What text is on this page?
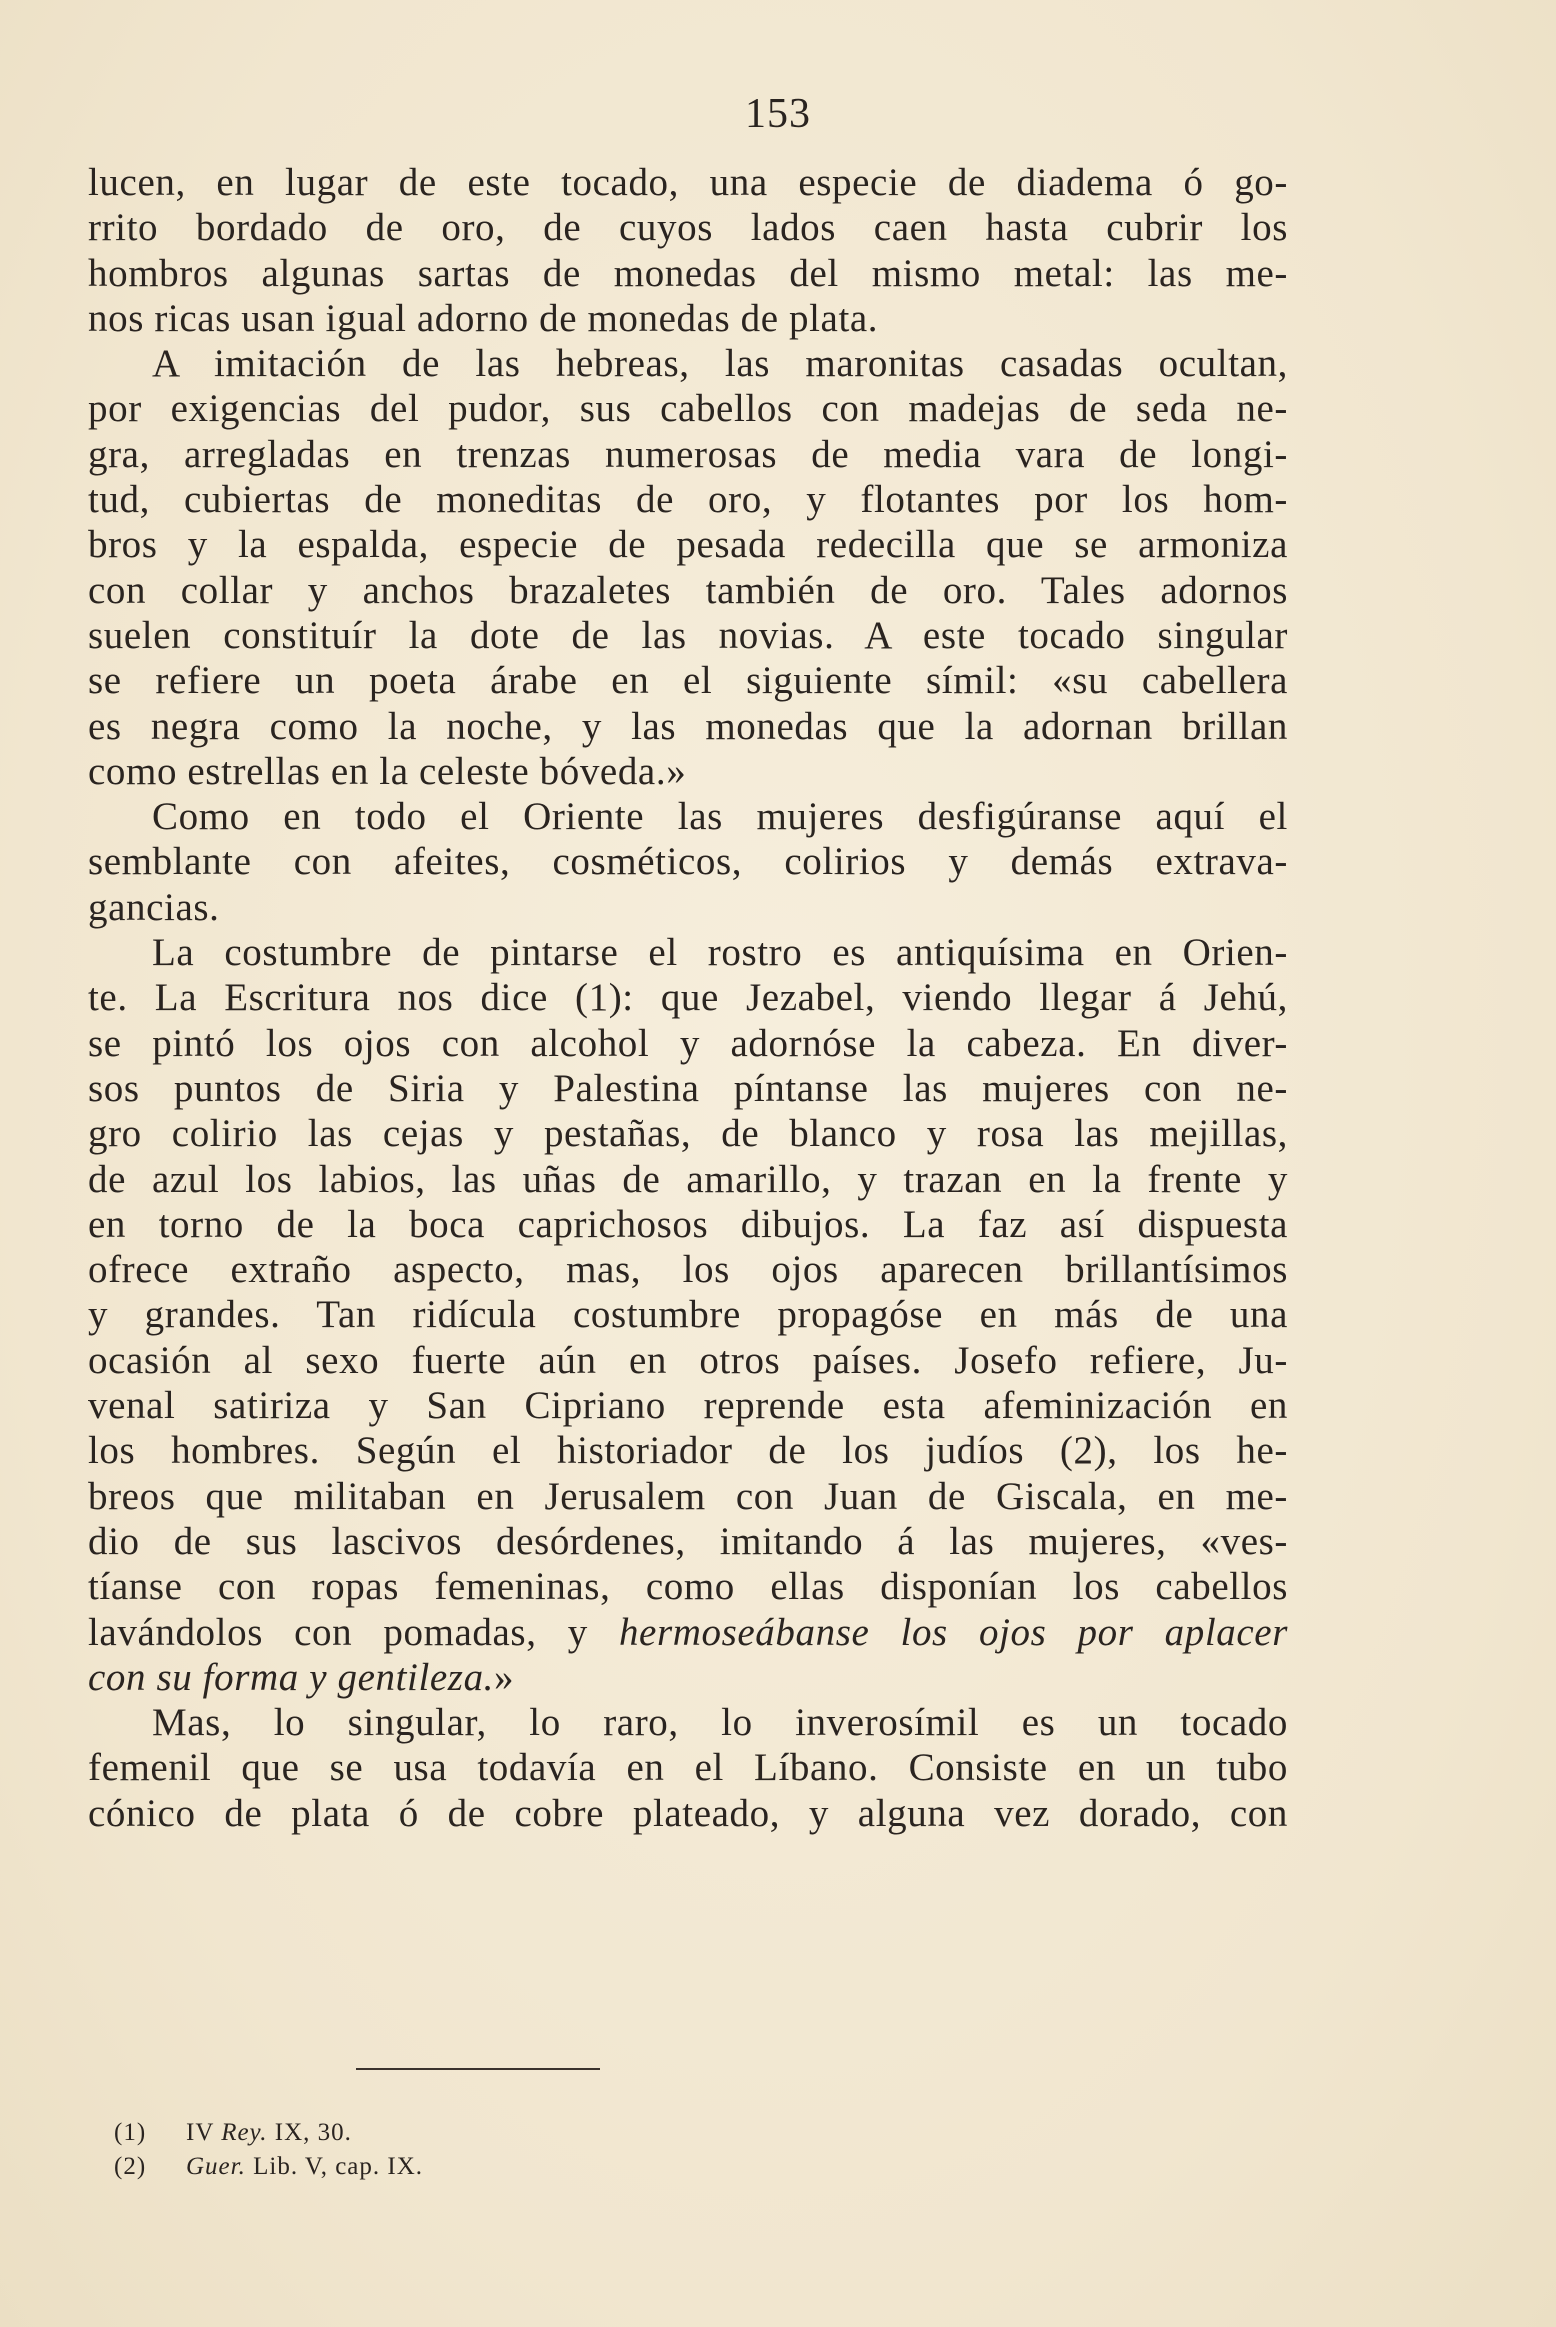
153
lucen, en lugar de este tocado, una especie de diadema ó go-
rrito bordado de oro, de cuyos lados caen hasta cubrir los
hombros algunas sartas de monedas del mismo metal: las me-
nos ricas usan igual adorno de monedas de plata.
A imitación de las hebreas, las maronitas casadas ocultan,
por exigencias del pudor, sus cabellos con madejas de seda ne-
gra, arregladas en trenzas numerosas de media vara de longi-
tud, cubiertas de moneditas de oro, y flotantes por los hom-
bros y la espalda, especie de pesada redecilla que se armoniza
con collar y anchos brazaletes también de oro. Tales adornos
suelen constituír la dote de las novias. A este tocado singular
se refiere un poeta árabe en el siguiente símil: «su cabellera
es negra como la noche, y las monedas que la adornan brillan
como estrellas en la celeste bóveda.»
Como en todo el Oriente las mujeres desfigúranse aquí el
semblante con afeites, cosméticos, colirios y demás extrava-
gancias.
La costumbre de pintarse el rostro es antiquísima en Orien-
te. La Escritura nos dice (1): que Jezabel, viendo llegar á Jehú,
se pintó los ojos con alcohol y adornóse la cabeza. En diver-
sos puntos de Siria y Palestina píntanse las mujeres con ne-
gro colirio las cejas y pestañas, de blanco y rosa las mejillas,
de azul los labios, las uñas de amarillo, y trazan en la frente y
en torno de la boca caprichosos dibujos. La faz así dispuesta
ofrece extraño aspecto, mas, los ojos aparecen brillantísimos
y grandes. Tan ridícula costumbre propagóse en más de una
ocasión al sexo fuerte aún en otros países. Josefo refiere, Ju-
venal satiriza y San Cipriano reprende esta afeminización en
los hombres. Según el historiador de los judíos (2), los he-
breos que militaban en Jerusalem con Juan de Giscala, en me-
dio de sus lascivos desórdenes, imitando á las mujeres, «ves-
tíanse con ropas femeninas, como ellas disponían los cabellos
lavándolos con pomadas, y hermoseábanse los ojos por aplacer
con su forma y gentileza.»
Mas, lo singular, lo raro, lo inverosímil es un tocado
femenil que se usa todavía en el Líbano. Consiste en un tubo
cónico de plata ó de cobre plateado, y alguna vez dorado, con
(1) IV Rey. IX, 30.
(2) Guer. Lib. V, cap. IX.
